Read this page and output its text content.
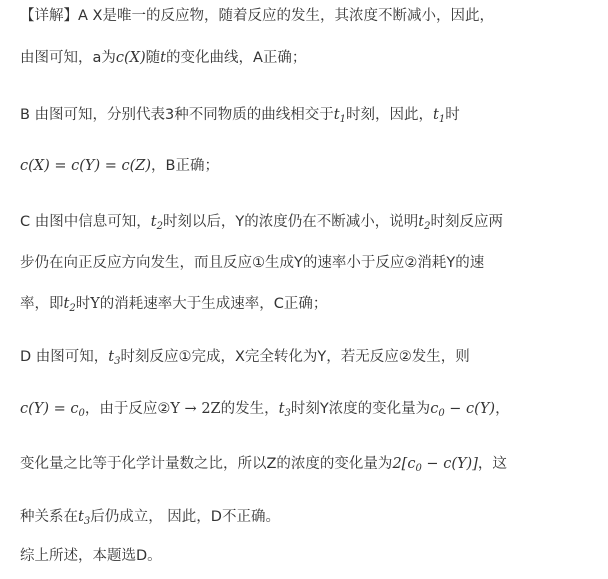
【详解】A X是唯一的反应物，随着反应的发生，其浓度不断减小，因此，
由图可知，a为c(X)随t的变化曲线，A正确；
B 由图可知，分别代表3种不同物质的曲线相交于$t_1$时刻，因此，$t_1$时
c(X) = c(Y) = c(Z)，B正确；
C 由图中信息可知，$t_2$时刻以后，Y的浓度仍在不断减小，说明$t_2$时刻反应两
步仍在向正反应方向发生，而且反应①生成Y的速率小于反应②消耗Y的速
率，即$t_2$时Y的消耗速率大于生成速率，C正确；
D 由图可知，$t_3$时刻反应①完成，X完全转化为Y，若无反应②发生，则
$c(Y) = c_0$，由于反应②Y → 2Z的发生，$t_3$时刻Y浓度的变化量为$c_0 - c(Y)$，
变化量之比等于化学计量数之比，所以Z的浓度的变化量为$2[c_0 - c(Y)]$，这
种关系在$t_3$后仍成立， 因此，D不正确。
综上所述，本题选D。
